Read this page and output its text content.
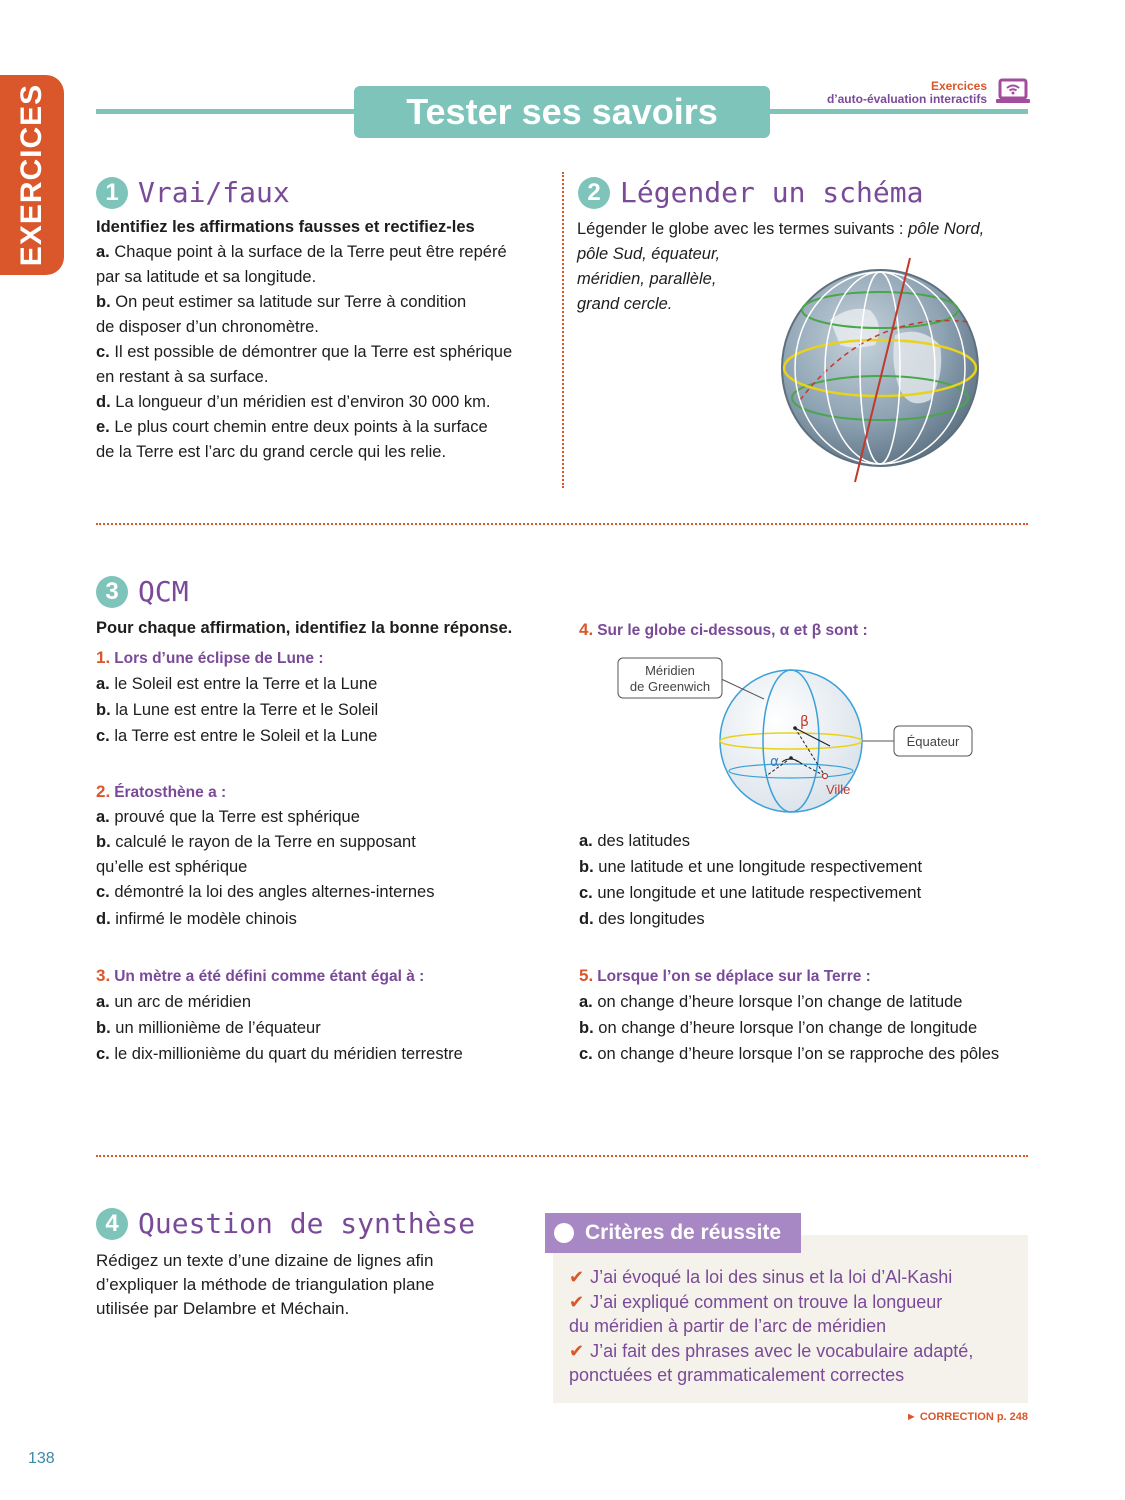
EXERCICES	Tester ses savoirs
Exercices
d’auto-évaluation interactifs
1 Vrai/faux
Identifiez les affirmations fausses et rectifiez-les
a. Chaque point à la surface de la Terre peut être repéré
par sa latitude et sa longitude.
b. On peut estimer sa latitude sur Terre à condition
de disposer d’un chronomètre.
c. Il est possible de démontrer que la Terre est sphérique
en restant à sa surface.
d. La longueur d’un méridien est d’environ 30 000 km.
e. Le plus court chemin entre deux points à la surface
de la Terre est l’arc du grand cercle qui les relie.
2 Légender un schéma
Légender le globe avec les termes suivants : pôle Nord,
pôle Sud, équateur,
méridien, parallèle,
grand cercle.
3 QCM
Pour chaque affirmation, identifiez la bonne réponse.
1. Lors d’une éclipse de Lune :
a. le Soleil est entre la Terre et la Lune
b. la Lune est entre la Terre et le Soleil
c. la Terre est entre le Soleil et la Lune
2. Ératosthène a :
a. prouvé que la Terre est sphérique
b. calculé le rayon de la Terre en supposant
qu’elle est sphérique
c. démontré la loi des angles alternes-internes
d. infirmé le modèle chinois
3. Un mètre a été défini comme étant égal à :
a. un arc de méridien
b. un millionième de l’équateur
c. le dix-millionième du quart du méridien terrestre
4. Sur le globe ci-dessous, α et β sont :
β
α
Ville
Méridien
de Greenwich
Équateur
a. des latitudes
b. une latitude et une longitude respectivement
c. une longitude et une latitude respectivement
d. des longitudes
5. Lorsque l’on se déplace sur la Terre :
a. on change d’heure lorsque l’on change de latitude
b. on change d’heure lorsque l’on change de longitude
c. on change d’heure lorsque l’on se rapproche des pôles
4 Question de synthèse
Rédigez un texte d’une dizaine de lignes afin
d’expliquer la méthode de triangulation plane
utilisée par Delambre et Méchain.
Critères de réussite
✔ J’ai évoqué la loi des sinus et la loi d’Al-Kashi
✔ J’ai expliqué comment on trouve la longueur
du méridien à partir de l’arc de méridien
✔ J’ai fait des phrases avec le vocabulaire adapté,
ponctuées et grammaticalement correctes
► CORRECTION p. 248
138
